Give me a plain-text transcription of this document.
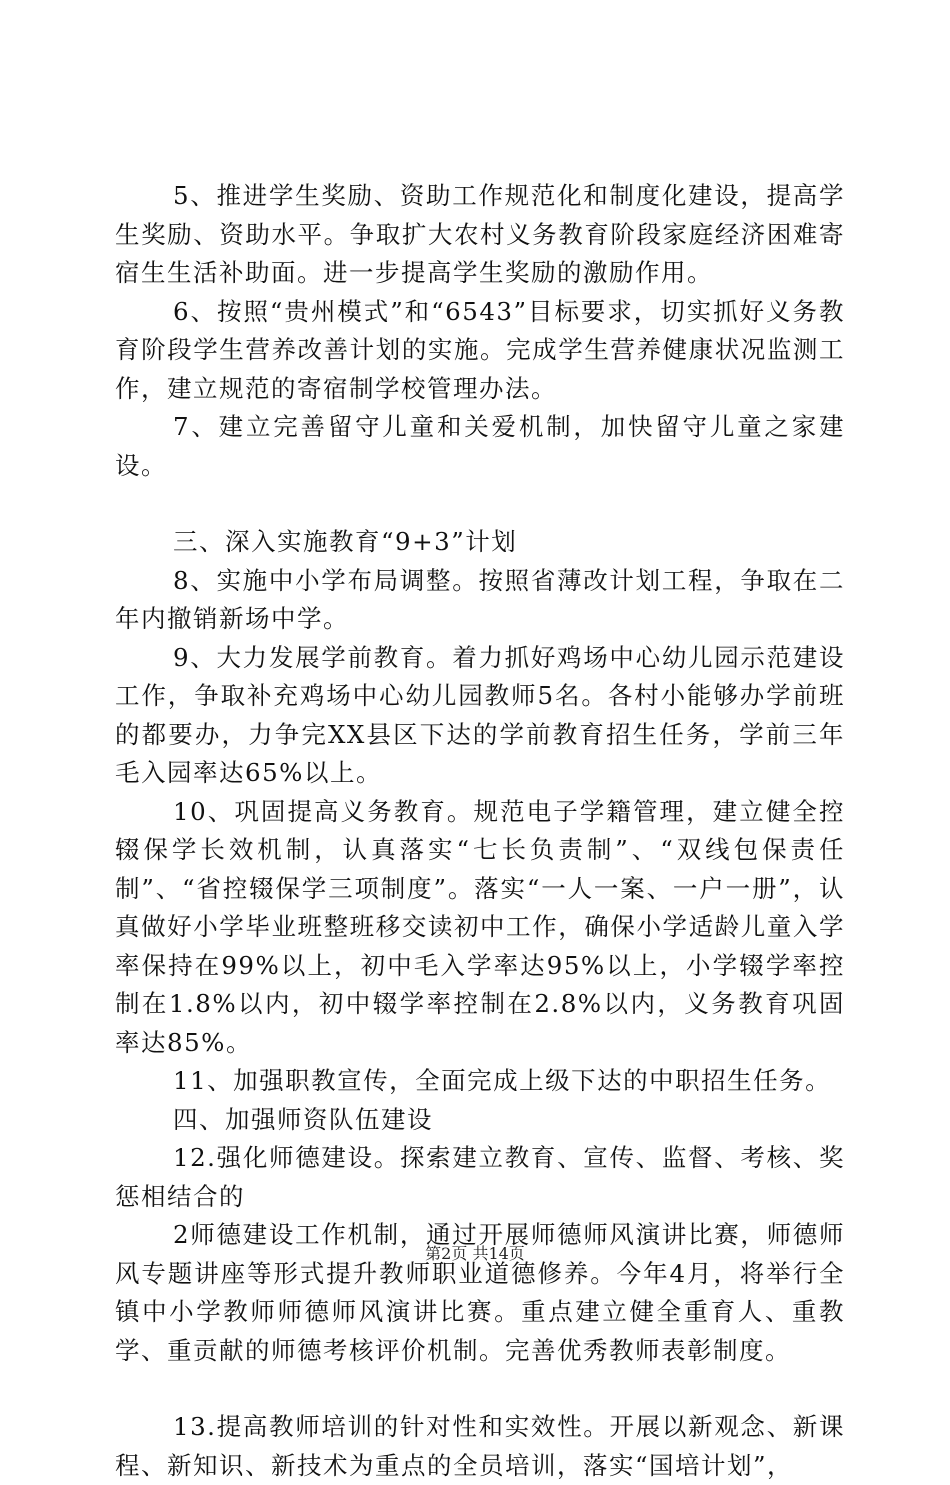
5、推进学生奖励、资助工作规范化和制度化建设，提高学生奖励、资助水平。争取扩大农村义务教育阶段家庭经济困难寄宿生生活补助面。进一步提高学生奖励的激励作用。

6、按照“贵州模式”和“6543”目标要求，切实抓好义务教育阶段学生营养改善计划的实施。完成学生营养健康状况监测工作，建立规范的寄宿制学校管理办法。

7、建立完善留守儿童和关爱机制，加快留守儿童之家建设。

三、深入实施教育“9+3”计划

8、实施中小学布局调整。按照省薄改计划工程，争取在二年内撤销新场中学。

9、大力发展学前教育。着力抓好鸡场中心幼儿园示范建设工作，争取补充鸡场中心幼儿园教师5名。各村小能够办学前班的都要办，力争完XX县区下达的学前教育招生任务，学前三年毛入园率达65%以上。

10、巩固提高义务教育。规范电子学籍管理，建立健全控辍保学长效机制，认真落实“七长负责制”、“双线包保责任制”、“省控辍保学三项制度”。落实“一人一案、一户一册”，认真做好小学毕业班整班移交读初中工作，确保小学适龄儿童入学率保持在99%以上，初中毛入学率达95%以上，小学辍学率控制在1.8%以内，初中辍学率控制在2.8%以内，义务教育巩固率达85%。

11、加强职教宣传，全面完成上级下达的中职招生任务。

四、加强师资队伍建设

12.强化师德建设。探索建立教育、宣传、监督、考核、奖惩相结合的

2师德建设工作机制，通过开展师德师风演讲比赛，师德师风专题讲座等形式提升教师职业道德修养。今年4月，将举行全镇中小学教师师德师风演讲比赛。重点建立健全重育人、重教学、重贡献的师德考核评价机制。完善优秀教师表彰制度。

13.提高教师培训的针对性和实效性。开展以新观念、新课程、新知识、新技术为重点的全员培训，落实“国培计划”，

第2页 共14页
